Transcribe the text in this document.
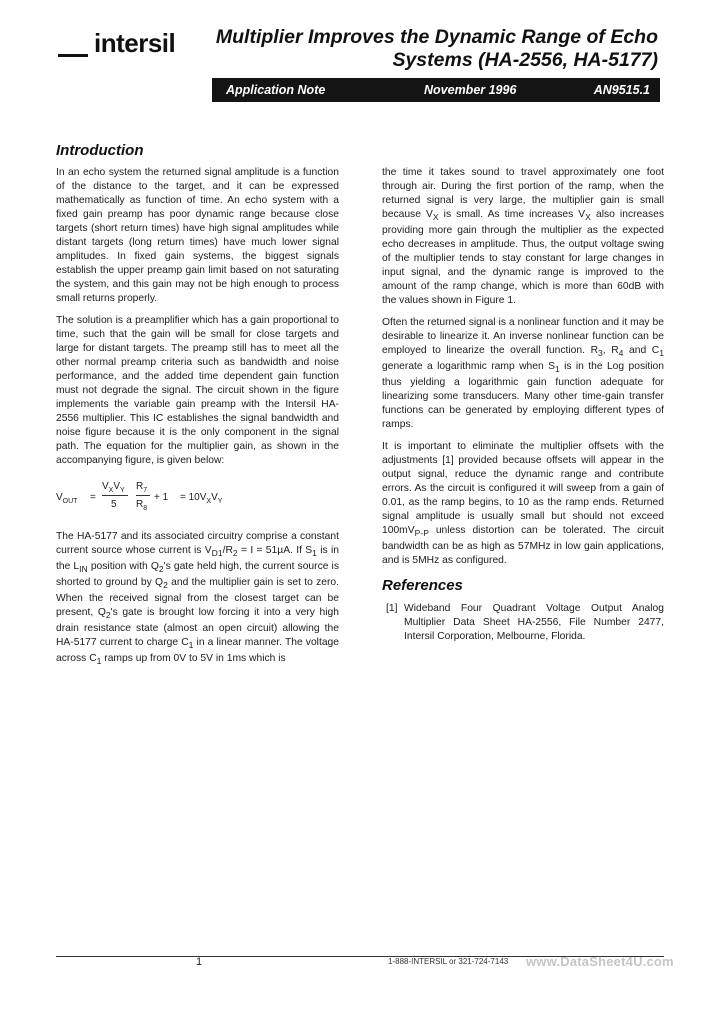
intersil	Multiplier Improves the Dynamic Range of Echo
Systems (HA-2556, HA-5177)
Application Note	November 1996	AN9515.1
Introduction

In an echo system the returned signal amplitude is a function of the distance to the target, and it can be expressed mathematically as function of time. An echo system with a fixed gain preamp has poor dynamic range because close targets (short return times) have high signal amplitudes while distant targets (long return times) have much lower signal amplitudes. In fixed gain systems, the biggest signals establish the upper preamp gain limit based on not saturating the system, and this gain may not be high enough to process small returns properly.

The solution is a preamplifier which has a gain proportional to time, such that the gain will be small for close targets and large for distant targets. The preamp still has to meet all the other normal preamp criteria such as bandwidth and noise performance, and the added time dependent gain function must not degrade the signal. The circuit shown in the figure implements the variable gain preamp with the Intersil HA-2556 multiplier. This IC establishes the signal bandwidth and noise figure because it is the only component in the signal path. The equation for the multiplier gain, as shown in the accompanying figure, is given below:

$V_{OUT}$ =
$V_XV_Y$
5
$R_7$
$R_8$
+ $1 = 10V_XV_Y$

The HA-5177 and its associated circuitry comprise a constant current source whose current is $V_{D1}/R_2 = I = 51\mu A$. If $S_1$ is in the $L_{IN}$ position with $Q_2's$ gate held high, the current source is shorted to ground by $Q_2$ and the multiplier gain is set to zero. When the received signal from the closest target can be present, $Q_2's$ gate is brought low forcing it into a very high drain resistance state (almost an open circuit) allowing the HA-5177 current to charge $C_1$ in a linear manner. The voltage across $C_1$ ramps up from 0V to 5V in 1ms which is

the time it takes sound to travel approximately one foot through air. During the first portion of the ramp, when the returned signal is very large, the multiplier gain is small because $V_X$ is small. As time increases $V_X$ also increases providing more gain through the multiplier as the expected echo decreases in amplitude. Thus, the output voltage swing of the multiplier tends to stay constant for large changes in input signal, and the dynamic range is improved to the amount of the ramp change, which is more than 60dB with the values shown in Figure 1.

Often the returned signal is a nonlinear function and it may be desirable to linearize it. An inverse nonlinear function can be employed to linearize the overall function. $R_3$, $R_4$ and $C_1$ generate a logarithmic ramp when $S_1$ is in the Log position thus yielding a logarithmic gain function adequate for linearizing some transducers. Many other time-gain transfer functions can be generated by employing different types of ramps.

It is important to eliminate the multiplier offsets with the adjustments [1] provided because offsets will appear in the output signal, reduce the dynamic range and contribute errors. As the circuit is configured it will sweep from a gain of 0.01, as the ramp begins, to 10 as the ramp ends. Returned signal amplitude is usually small but should not exceed $100mV_{P-P}$ unless distortion can be tolerated. The circuit bandwidth can be as high as 57MHz in low gain applications, and is 5MHz as configured.

References
[1] Wideband Four Quadrant Voltage Output Analog Multiplier Data Sheet HA-2556, File Number 2477, Intersil Corporation, Melbourne, Florida.
1	1-888-INTERSIL or 321-724-7143 www.DataSheet4U.com
